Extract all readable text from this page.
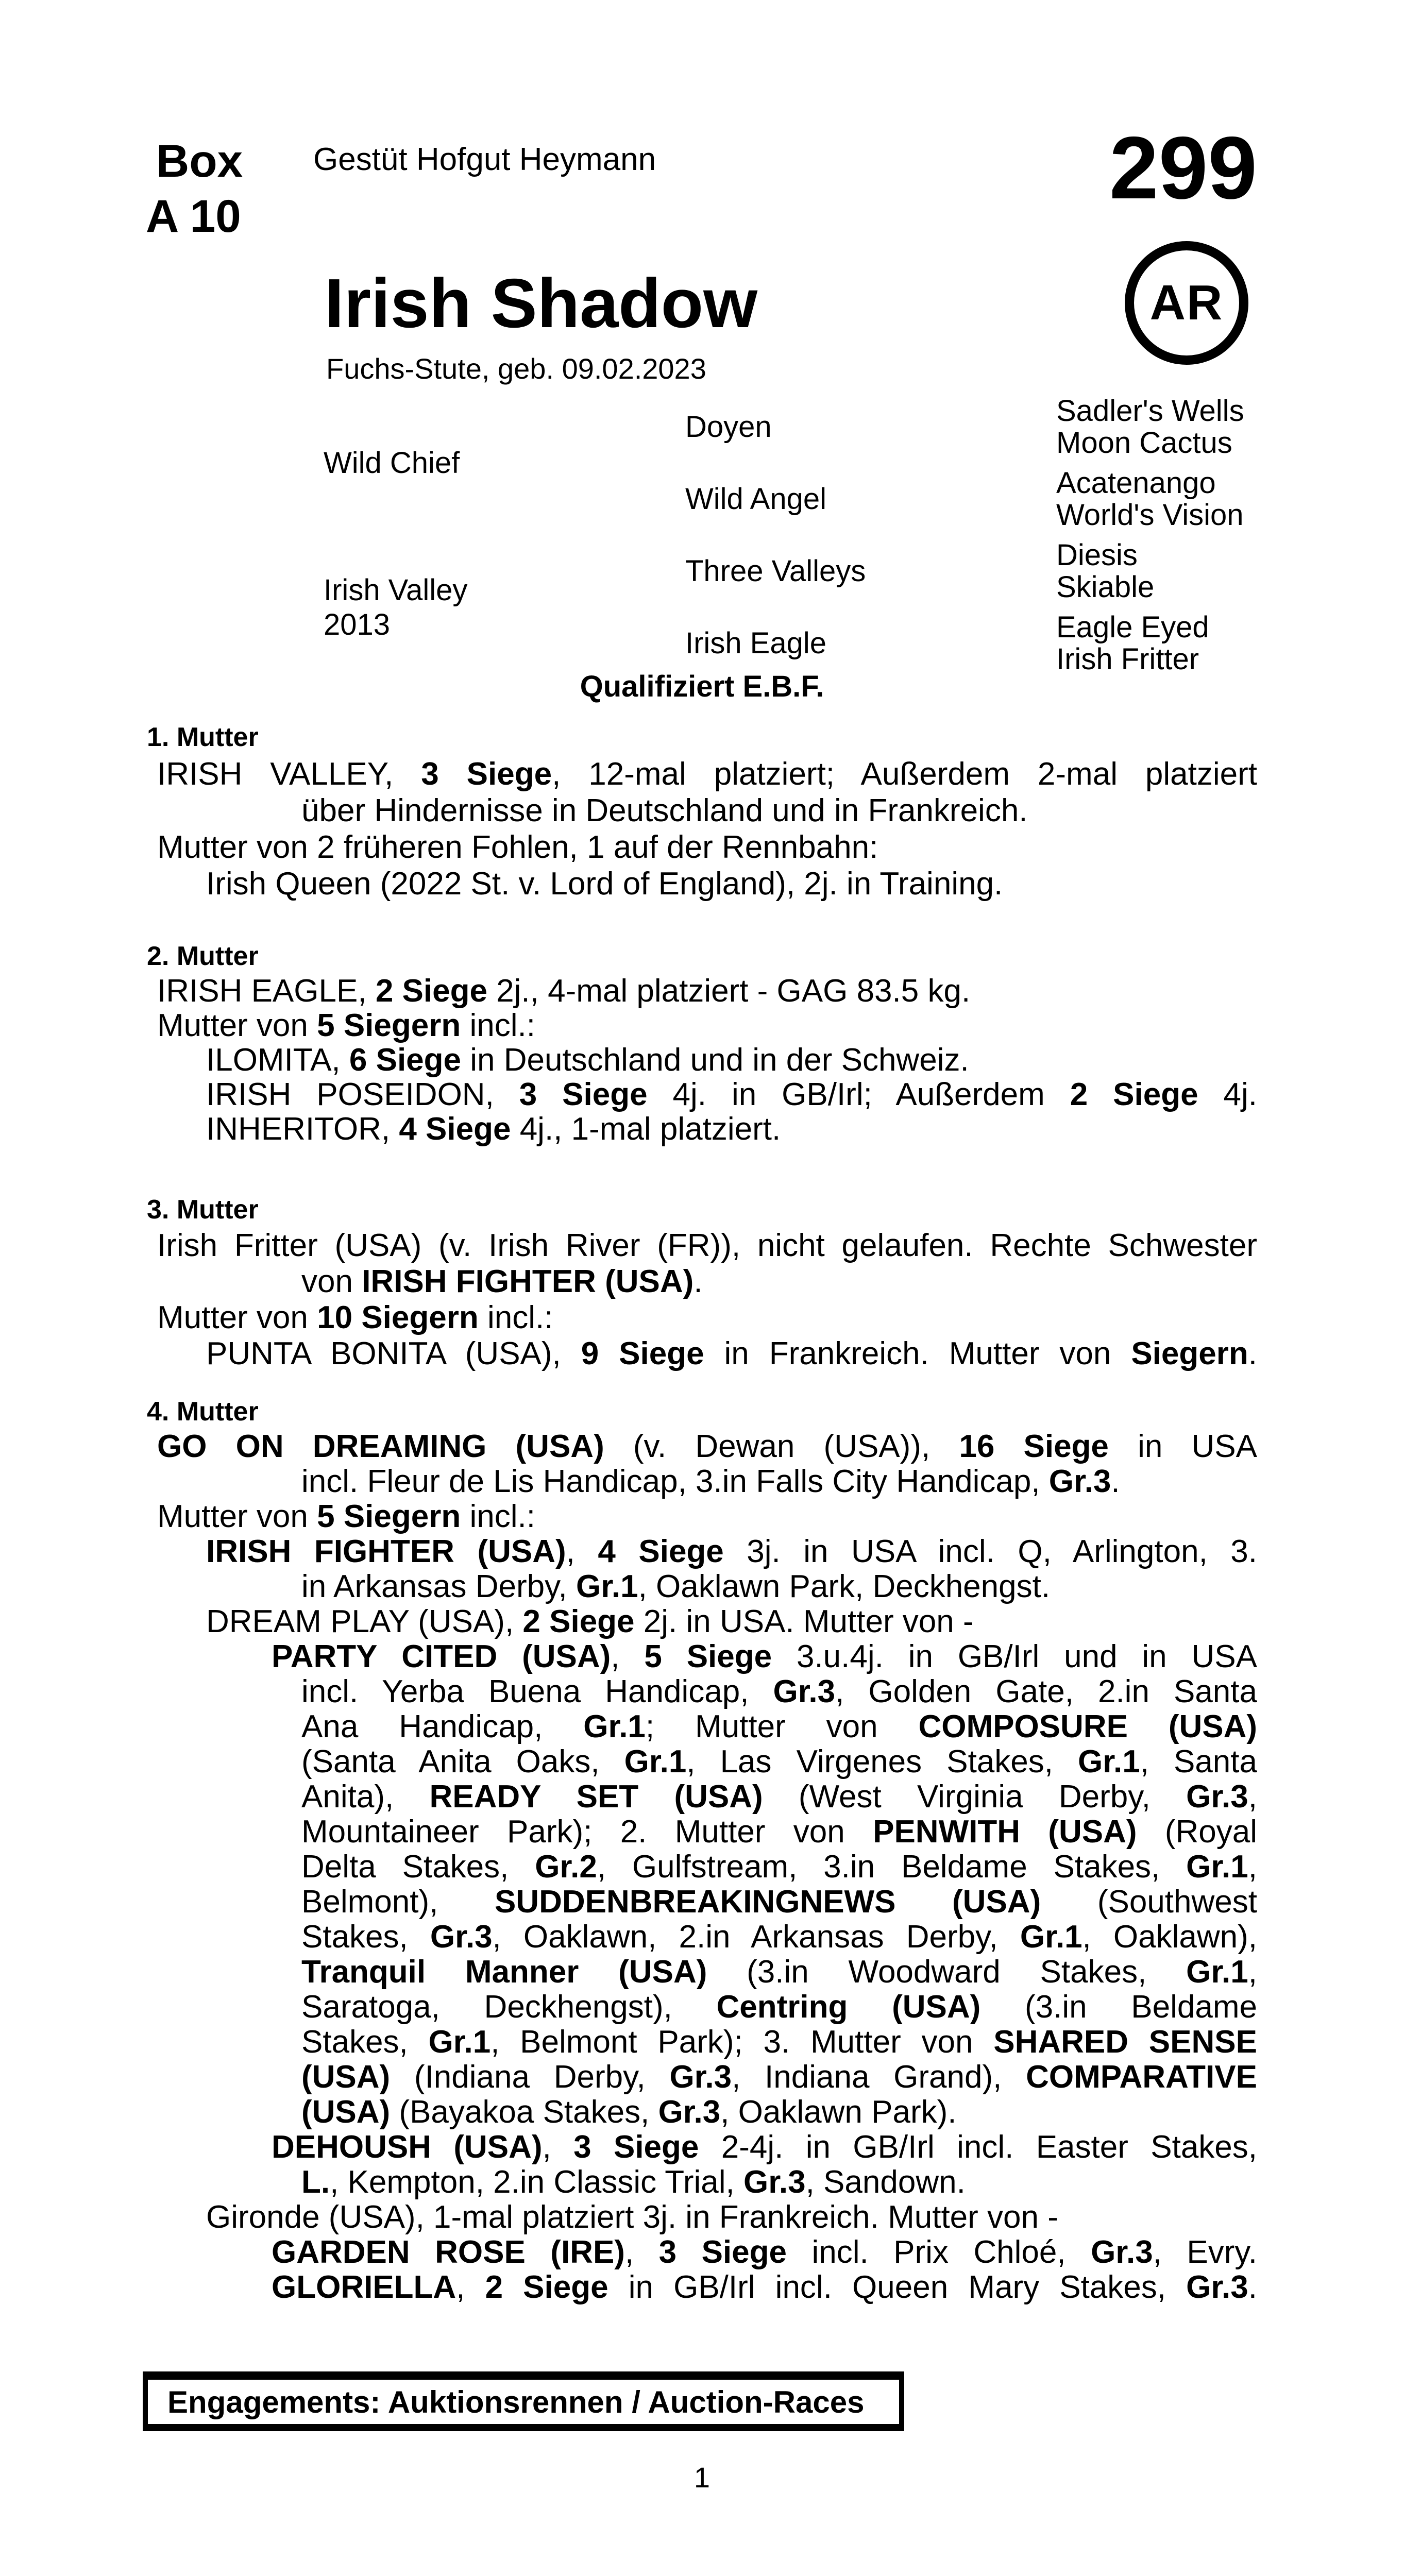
Box
A 10
Gestüt Hofgut Heymann	299
Irish Shadow
Fuchs-Stute, geb. 09.02.2023
AR
Wild Chief
Irish Valley
2013
Doyen
Wild Angel
Three Valleys
Irish Eagle
Sadler's Wells
Moon Cactus
Acatenango
World's Vision
Diesis
Skiable
Eagle Eyed
Irish Fritter
Qualifiziert E.B.F.
1. Mutter
IRISH VALLEY, 3 Siege, 12-mal platziert; Außerdem 2-mal platziert
über Hindernisse in Deutschland und in Frankreich.
Mutter von 2 früheren Fohlen, 1 auf der Rennbahn:
Irish Queen (2022 St. v. Lord of England), 2j. in Training.
2. Mutter
IRISH EAGLE, 2 Siege 2j., 4-mal platziert - GAG 83.5 kg.
Mutter von 5 Siegern incl.:
ILOMITA, 6 Siege in Deutschland und in der Schweiz.
IRISH POSEIDON, 3 Siege 4j. in GB/Irl; Außerdem 2 Siege 4j.
INHERITOR, 4 Siege 4j., 1-mal platziert.
3. Mutter
Irish Fritter (USA) (v. Irish River (FR)), nicht gelaufen. Rechte Schwester
von IRISH FIGHTER (USA).
Mutter von 10 Siegern incl.:
PUNTA BONITA (USA), 9 Siege in Frankreich. Mutter von Siegern.
4. Mutter
GO ON DREAMING (USA) (v. Dewan (USA)), 16 Siege in USA
incl. Fleur de Lis Handicap, 3.in Falls City Handicap, Gr.3.
Mutter von 5 Siegern incl.:
IRISH FIGHTER (USA), 4 Siege 3j. in USA incl. Q, Arlington, 3.
in Arkansas Derby, Gr.1, Oaklawn Park, Deckhengst.
DREAM PLAY (USA), 2 Siege 2j. in USA. Mutter von -
PARTY CITED (USA), 5 Siege 3.u.4j. in GB/Irl und in USA
incl. Yerba Buena Handicap, Gr.3, Golden Gate, 2.in Santa
Ana Handicap, Gr.1; Mutter von COMPOSURE (USA)
(Santa Anita Oaks, Gr.1, Las Virgenes Stakes, Gr.1, Santa
Anita), READY SET (USA) (West Virginia Derby, Gr.3,
Mountaineer Park); 2. Mutter von PENWITH (USA) (Royal
Delta Stakes, Gr.2, Gulfstream, 3.in Beldame Stakes, Gr.1,
Belmont), SUDDENBREAKINGNEWS (USA) (Southwest
Stakes, Gr.3, Oaklawn, 2.in Arkansas Derby, Gr.1, Oaklawn),
Tranquil Manner (USA) (3.in Woodward Stakes, Gr.1,
Saratoga, Deckhengst), Centring (USA) (3.in Beldame
Stakes, Gr.1, Belmont Park); 3. Mutter von SHARED SENSE
(USA) (Indiana Derby, Gr.3, Indiana Grand), COMPARATIVE
(USA) (Bayakoa Stakes, Gr.3, Oaklawn Park).
DEHOUSH (USA), 3 Siege 2-4j. in GB/Irl incl. Easter Stakes,
L., Kempton, 2.in Classic Trial, Gr.3, Sandown.
Gironde (USA), 1-mal platziert 3j. in Frankreich. Mutter von -
GARDEN ROSE (IRE), 3 Siege incl. Prix Chloé, Gr.3, Evry.
GLORIELLA, 2 Siege in GB/Irl incl. Queen Mary Stakes, Gr.3.
Engagements: Auktionsrennen / Auction-Races
1
